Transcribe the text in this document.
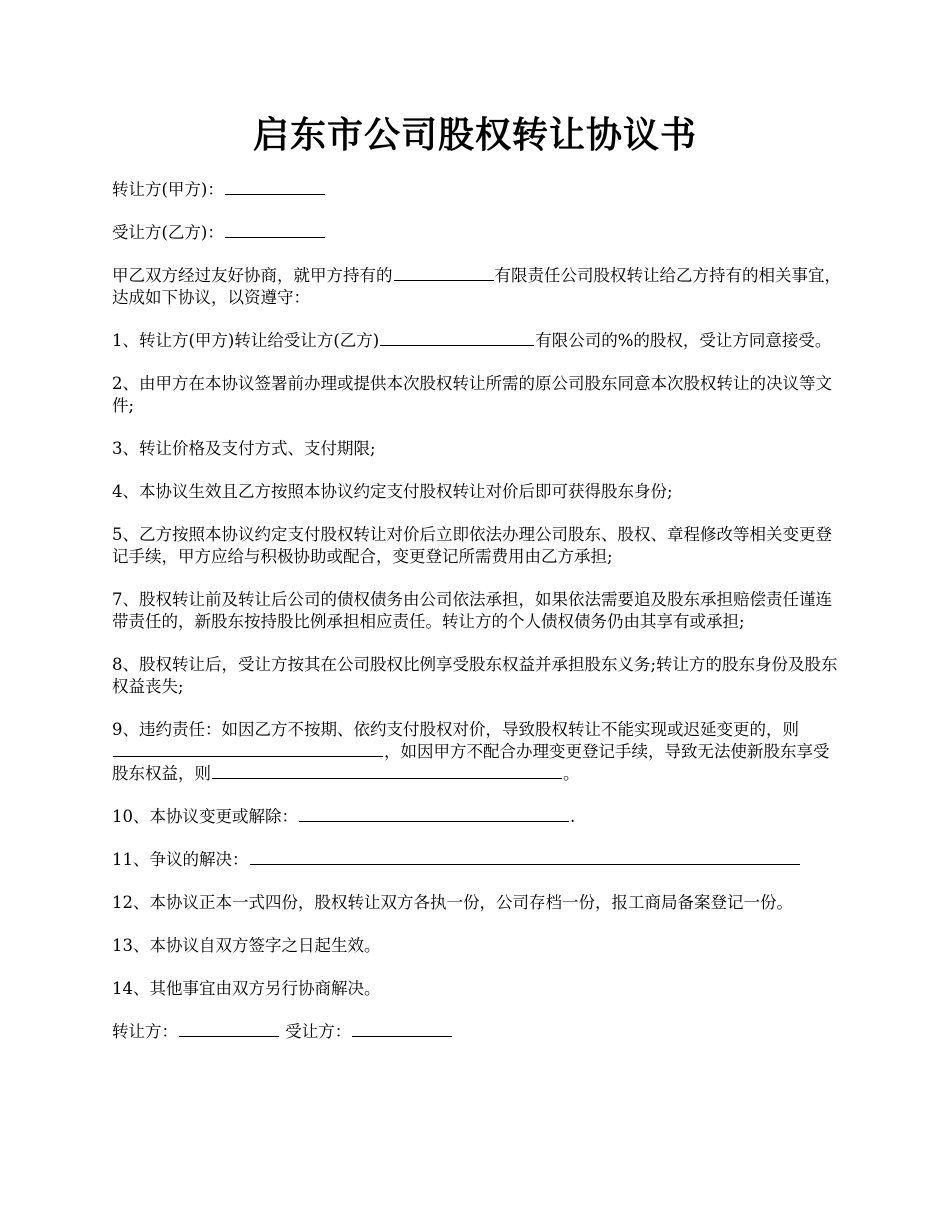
启东市公司股权转让协议书

转让方(甲方)：

受让方(乙方)：

甲乙双方经过友好协商，就甲方持有的	有限责任公司股权转让给乙方持有的相关事宜，达成如下协议，以资遵守：

1、转让方(甲方)转让给受让方(乙方)	有限公司的%的股权，受让方同意接受。

2、由甲方在本协议签署前办理或提供本次股权转让所需的原公司股东同意本次股权转让的决议等文件;

3、转让价格及支付方式、支付期限;

4、本协议生效且乙方按照本协议约定支付股权转让对价后即可获得股东身份;

5、乙方按照本协议约定支付股权转让对价后立即依法办理公司股东、股权、章程修改等相关变更登记手续，甲方应给与积极协助或配合，变更登记所需费用由乙方承担;

7、股权转让前及转让后公司的债权债务由公司依法承担，如果依法需要追及股东承担赔偿责任谨连带责任的，新股东按持股比例承担相应责任。转让方的个人债权债务仍由其享有或承担;

8、股权转让后，受让方按其在公司股权比例享受股东权益并承担股东义务;转让方的股东身份及股东权益丧失;

9、违约责任：如因乙方不按期、依约支付股权对价，导致股权转让不能实现或迟延变更的，则，如因甲方不配合办理变更登记手续，导致无法使新股东享受股东权益，则	。

10、本协议变更或解除：	.

11、争议的解决：

12、本协议正本一式四份，股权转让双方各执一份，公司存档一份，报工商局备案登记一份。

13、本协议自双方签字之日起生效。

14、其他事宜由双方另行协商解决。

转让方：	受让方：
